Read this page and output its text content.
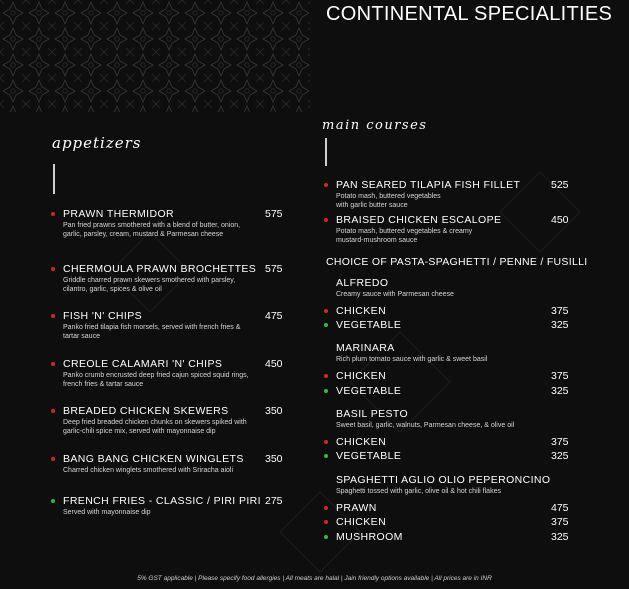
CONTINENTAL SPECIALITIES
appetizers
main courses
PRAWN THERMIDOR	575
Pan fried prawns smothered with a blend of butter, onion, garlic, parsley, cream, mustard & Parmesan cheese
CHERMOULA PRAWN BROCHETTES 575
Griddle charred prawn skewers smothered with parsley, cilantro, garlic, spices & olive oil
FISH 'N' CHIPS	475
Panko fried tilapia fish morsels, served with french fries & tartar sauce
CREOLE CALAMARI 'N' CHIPS	450
Panko crumb encrusted deep fried cajun spiced squid rings, french fries & tartar sauce
BREADED CHICKEN SKEWERS	350
Deep fried breaded chicken chunks on skewers spiked with garlic-chili spice mix, served with mayonnaise dip
BANG BANG CHICKEN WINGLETS	350
Charred chicken winglets smothered with Sriracha aioli
FRENCH FRIES - CLASSIC / PIRI PIRI 275
Served with mayonnaise dip
PAN SEARED TILAPIA FISH FILLET	525
Potato mash, buttered vegetables with garlic butter sauce
BRAISED CHICKEN ESCALOPE	450
Potato mash, buttered vegetables & creamy mustard-mushroom sauce
CHOICE OF PASTA-SPAGHETTI / PENNE / FUSILLI
ALFREDO
Creamy sauce with Parmesan cheese
CHICKEN	375
VEGETABLE	325
MARINARA
Rich plum tomato sauce with garlic & sweet basil
CHICKEN	375
VEGETABLE	325
BASIL PESTO
Sweet basil, garlic, walnuts, Parmesan cheese, & olive oil
CHICKEN	375
VEGETABLE	325
SPAGHETTI AGLIO OLIO PEPERONCINO
Spaghetti tossed with garlic, olive oil & hot chili flakes
PRAWN	475
CHICKEN	375
MUSHROOM	325
5% GST applicable | Please specify food allergies | All meats are halal | Jain friendly options available | All prices are in INR
